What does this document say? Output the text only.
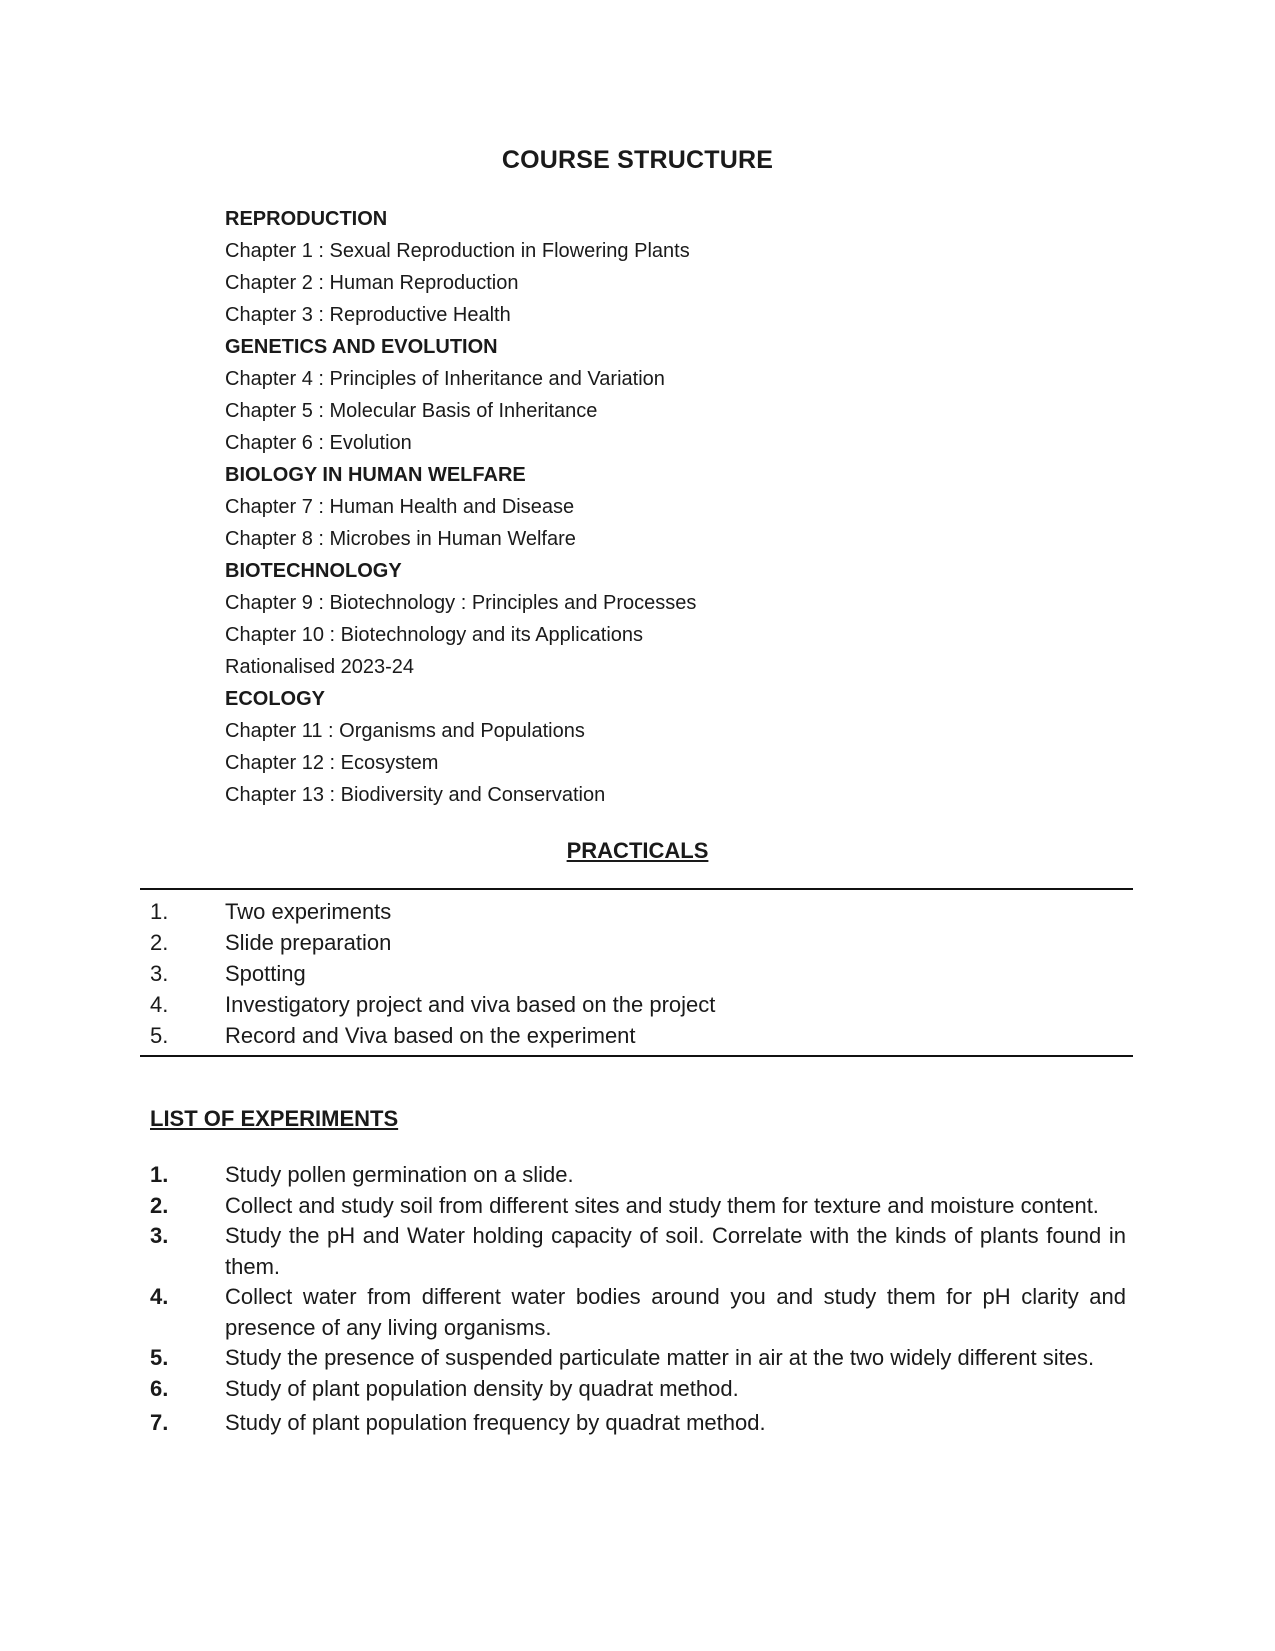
COURSE STRUCTURE
REPRODUCTION
Chapter 1 : Sexual Reproduction in Flowering Plants
Chapter 2 : Human Reproduction
Chapter 3 : Reproductive Health
GENETICS AND EVOLUTION
Chapter 4 : Principles of Inheritance and Variation
Chapter 5 : Molecular Basis of Inheritance
Chapter 6 : Evolution
BIOLOGY IN HUMAN WELFARE
Chapter 7 : Human Health and Disease
Chapter 8 : Microbes in Human Welfare
BIOTECHNOLOGY
Chapter 9 : Biotechnology : Principles and Processes
Chapter 10 : Biotechnology and its Applications
Rationalised 2023-24
ECOLOGY
Chapter 11 : Organisms and Populations
Chapter 12 : Ecosystem
Chapter 13 : Biodiversity and Conservation
PRACTICALS
1.	Two experiments
2.	Slide preparation
3.	Spotting
4.	Investigatory project and viva based on the project
5.	Record and Viva based on the experiment
LIST OF EXPERIMENTS
1.	Study pollen germination on a slide.
2.	Collect and study soil from different sites and study them for texture and moisture content.
3.	Study the pH and Water holding capacity of soil. Correlate with the kinds of plants found in them.
4.	Collect water from different water bodies around you and study them for pH clarity and presence of any living organisms.
5.	Study the presence of suspended particulate matter in air at the two widely different sites.
6.	Study of plant population density by quadrat method.
7.	Study of plant population frequency by quadrat method.
